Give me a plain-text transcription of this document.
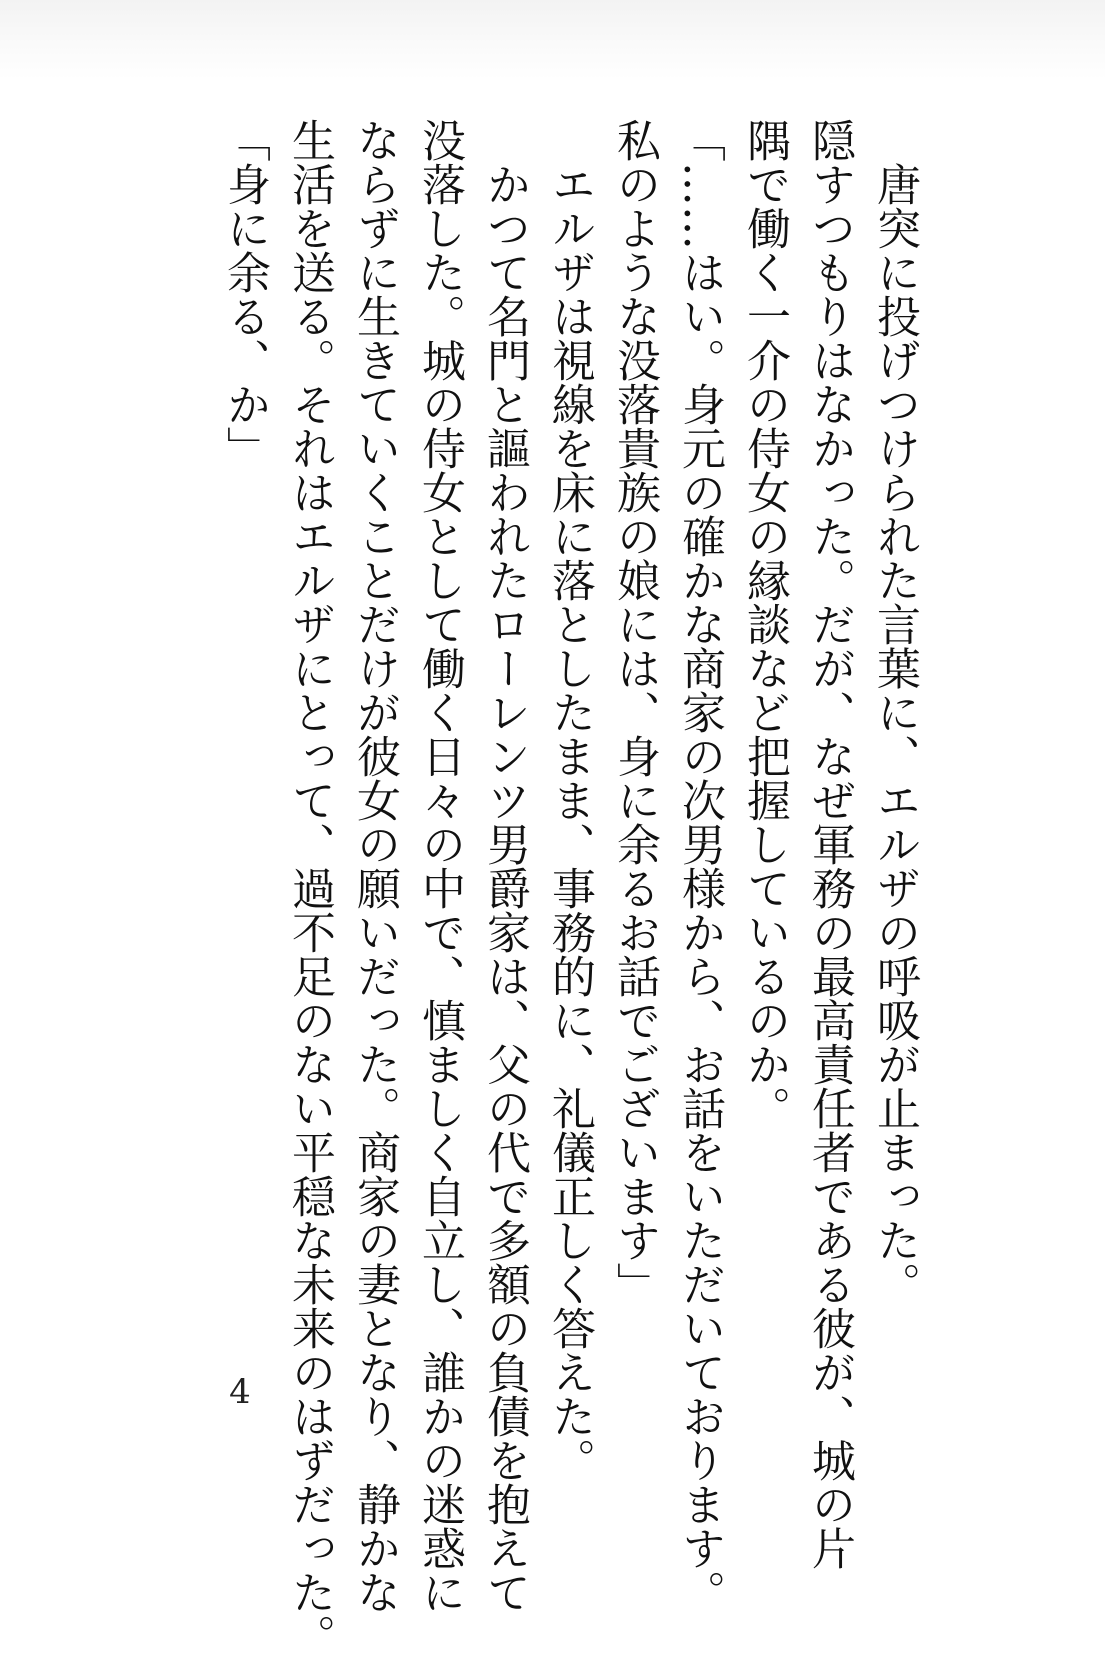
唐突に投げつけられた言葉に、エルザの呼吸が止まった。

隠すつもりはなかった。だが、なぜ軍務の最高責任者である彼が、城の片

隅で働く一介の侍女の縁談など把握しているのか。

「……はい。身元の確かな商家の次男様から、お話をいただいております。

私のような没落貴族の娘には、身に余るお話でございます」

エルザは視線を床に落としたまま、事務的に、礼儀正しく答えた。

かつて名門と謳われたローレンツ男爵家は、父の代で多額の負債を抱えて

没落した。城の侍女として働く日々の中で、慎ましく自立し、誰かの迷惑に

ならずに生きていくことだけが彼女の願いだった。商家の妻となり、静かな

生活を送る。それはエルザにとって、過不足のない平穏な未来のはずだった。

「身に余る、か」

4
